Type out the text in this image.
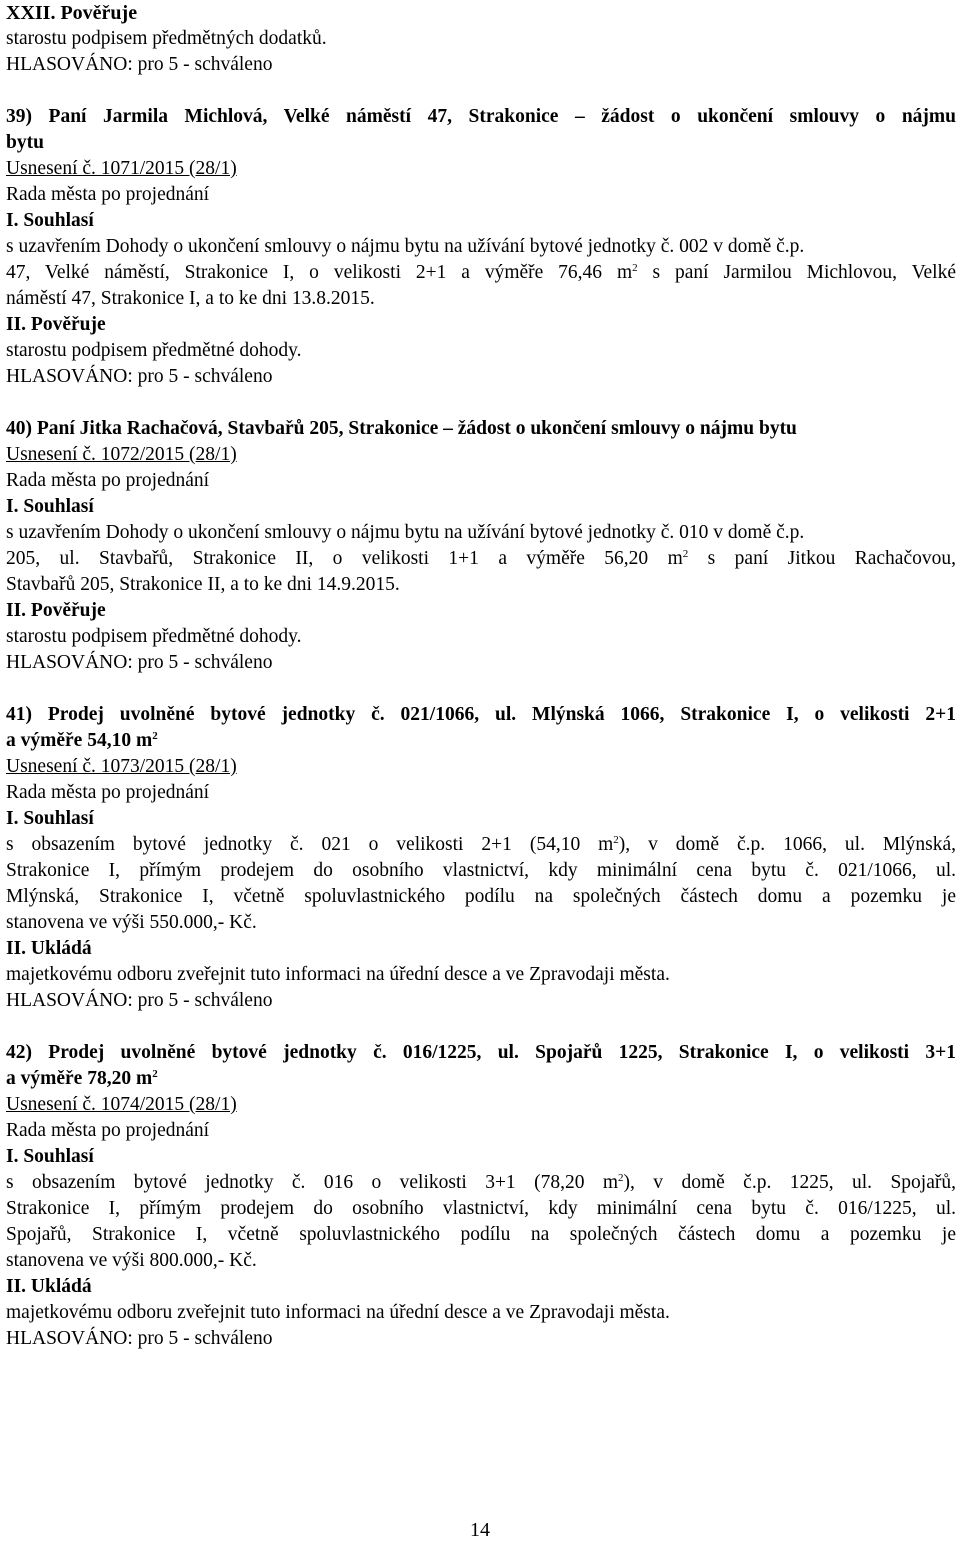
XXII. Pověřuje
starostu podpisem předmětných dodatků.
HLASOVÁNO: pro 5 - schváleno
39) Paní Jarmila Michlová, Velké náměstí 47, Strakonice – žádost o ukončení smlouvy o nájmu
bytu
Usnesení č. 1071/2015 (28/1)
Rada města po projednání
I. Souhlasí
s uzavřením Dohody o ukončení smlouvy o nájmu bytu na užívání bytové jednotky č. 002 v domě č.p.
47, Velké náměstí, Strakonice I, o velikosti 2+1 a výměře 76,46 $m^2$ s paní Jarmilou Michlovou, Velké
náměstí 47, Strakonice I, a to ke dni 13.8.2015.
II. Pověřuje
starostu podpisem předmětné dohody.
HLASOVÁNO: pro 5 - schváleno
40) Paní Jitka Rachačová, Stavbařů 205, Strakonice – žádost o ukončení smlouvy o nájmu bytu
Usnesení č. 1072/2015 (28/1)
Rada města po projednání
I. Souhlasí
s uzavřením Dohody o ukončení smlouvy o nájmu bytu na užívání bytové jednotky č. 010 v domě č.p.
205, ul. Stavbařů, Strakonice II, o velikosti 1+1 a výměře 56,20 $m^2$ s paní Jitkou Rachačovou,
Stavbařů 205, Strakonice II, a to ke dni 14.9.2015.
II. Pověřuje
starostu podpisem předmětné dohody.
HLASOVÁNO: pro 5 - schváleno
41) Prodej uvolněné bytové jednotky č. 021/1066, ul. Mlýnská 1066, Strakonice I, o velikosti 2+1
a výměře 54,10 $m^2$
Usnesení č. 1073/2015 (28/1)
Rada města po projednání
I. Souhlasí
s obsazením bytové jednotky č. 021 o velikosti 2+1 (54,10 $m^2$), v domě č.p. 1066, ul. Mlýnská,
Strakonice I, přímým prodejem do osobního vlastnictví, kdy minimální cena bytu č. 021/1066, ul.
Mlýnská, Strakonice I, včetně spoluvlastnického podílu na společných částech domu a pozemku je
stanovena ve výši 550.000,- Kč.
II. Ukládá
majetkovému odboru zveřejnit tuto informaci na úřední desce a ve Zpravodaji města.
HLASOVÁNO: pro 5 - schváleno
42) Prodej uvolněné bytové jednotky č. 016/1225, ul. Spojařů 1225, Strakonice I, o velikosti 3+1
a výměře 78,20 $m^2$
Usnesení č. 1074/2015 (28/1)
Rada města po projednání
I. Souhlasí
s obsazením bytové jednotky č. 016 o velikosti 3+1 (78,20 $m^2$), v domě č.p. 1225, ul. Spojařů,
Strakonice I, přímým prodejem do osobního vlastnictví, kdy minimální cena bytu č. 016/1225, ul.
Spojařů, Strakonice I, včetně spoluvlastnického podílu na společných částech domu a pozemku je
stanovena ve výši 800.000,- Kč.
II. Ukládá
majetkovému odboru zveřejnit tuto informaci na úřední desce a ve Zpravodaji města.
HLASOVÁNO: pro 5 - schváleno
14
